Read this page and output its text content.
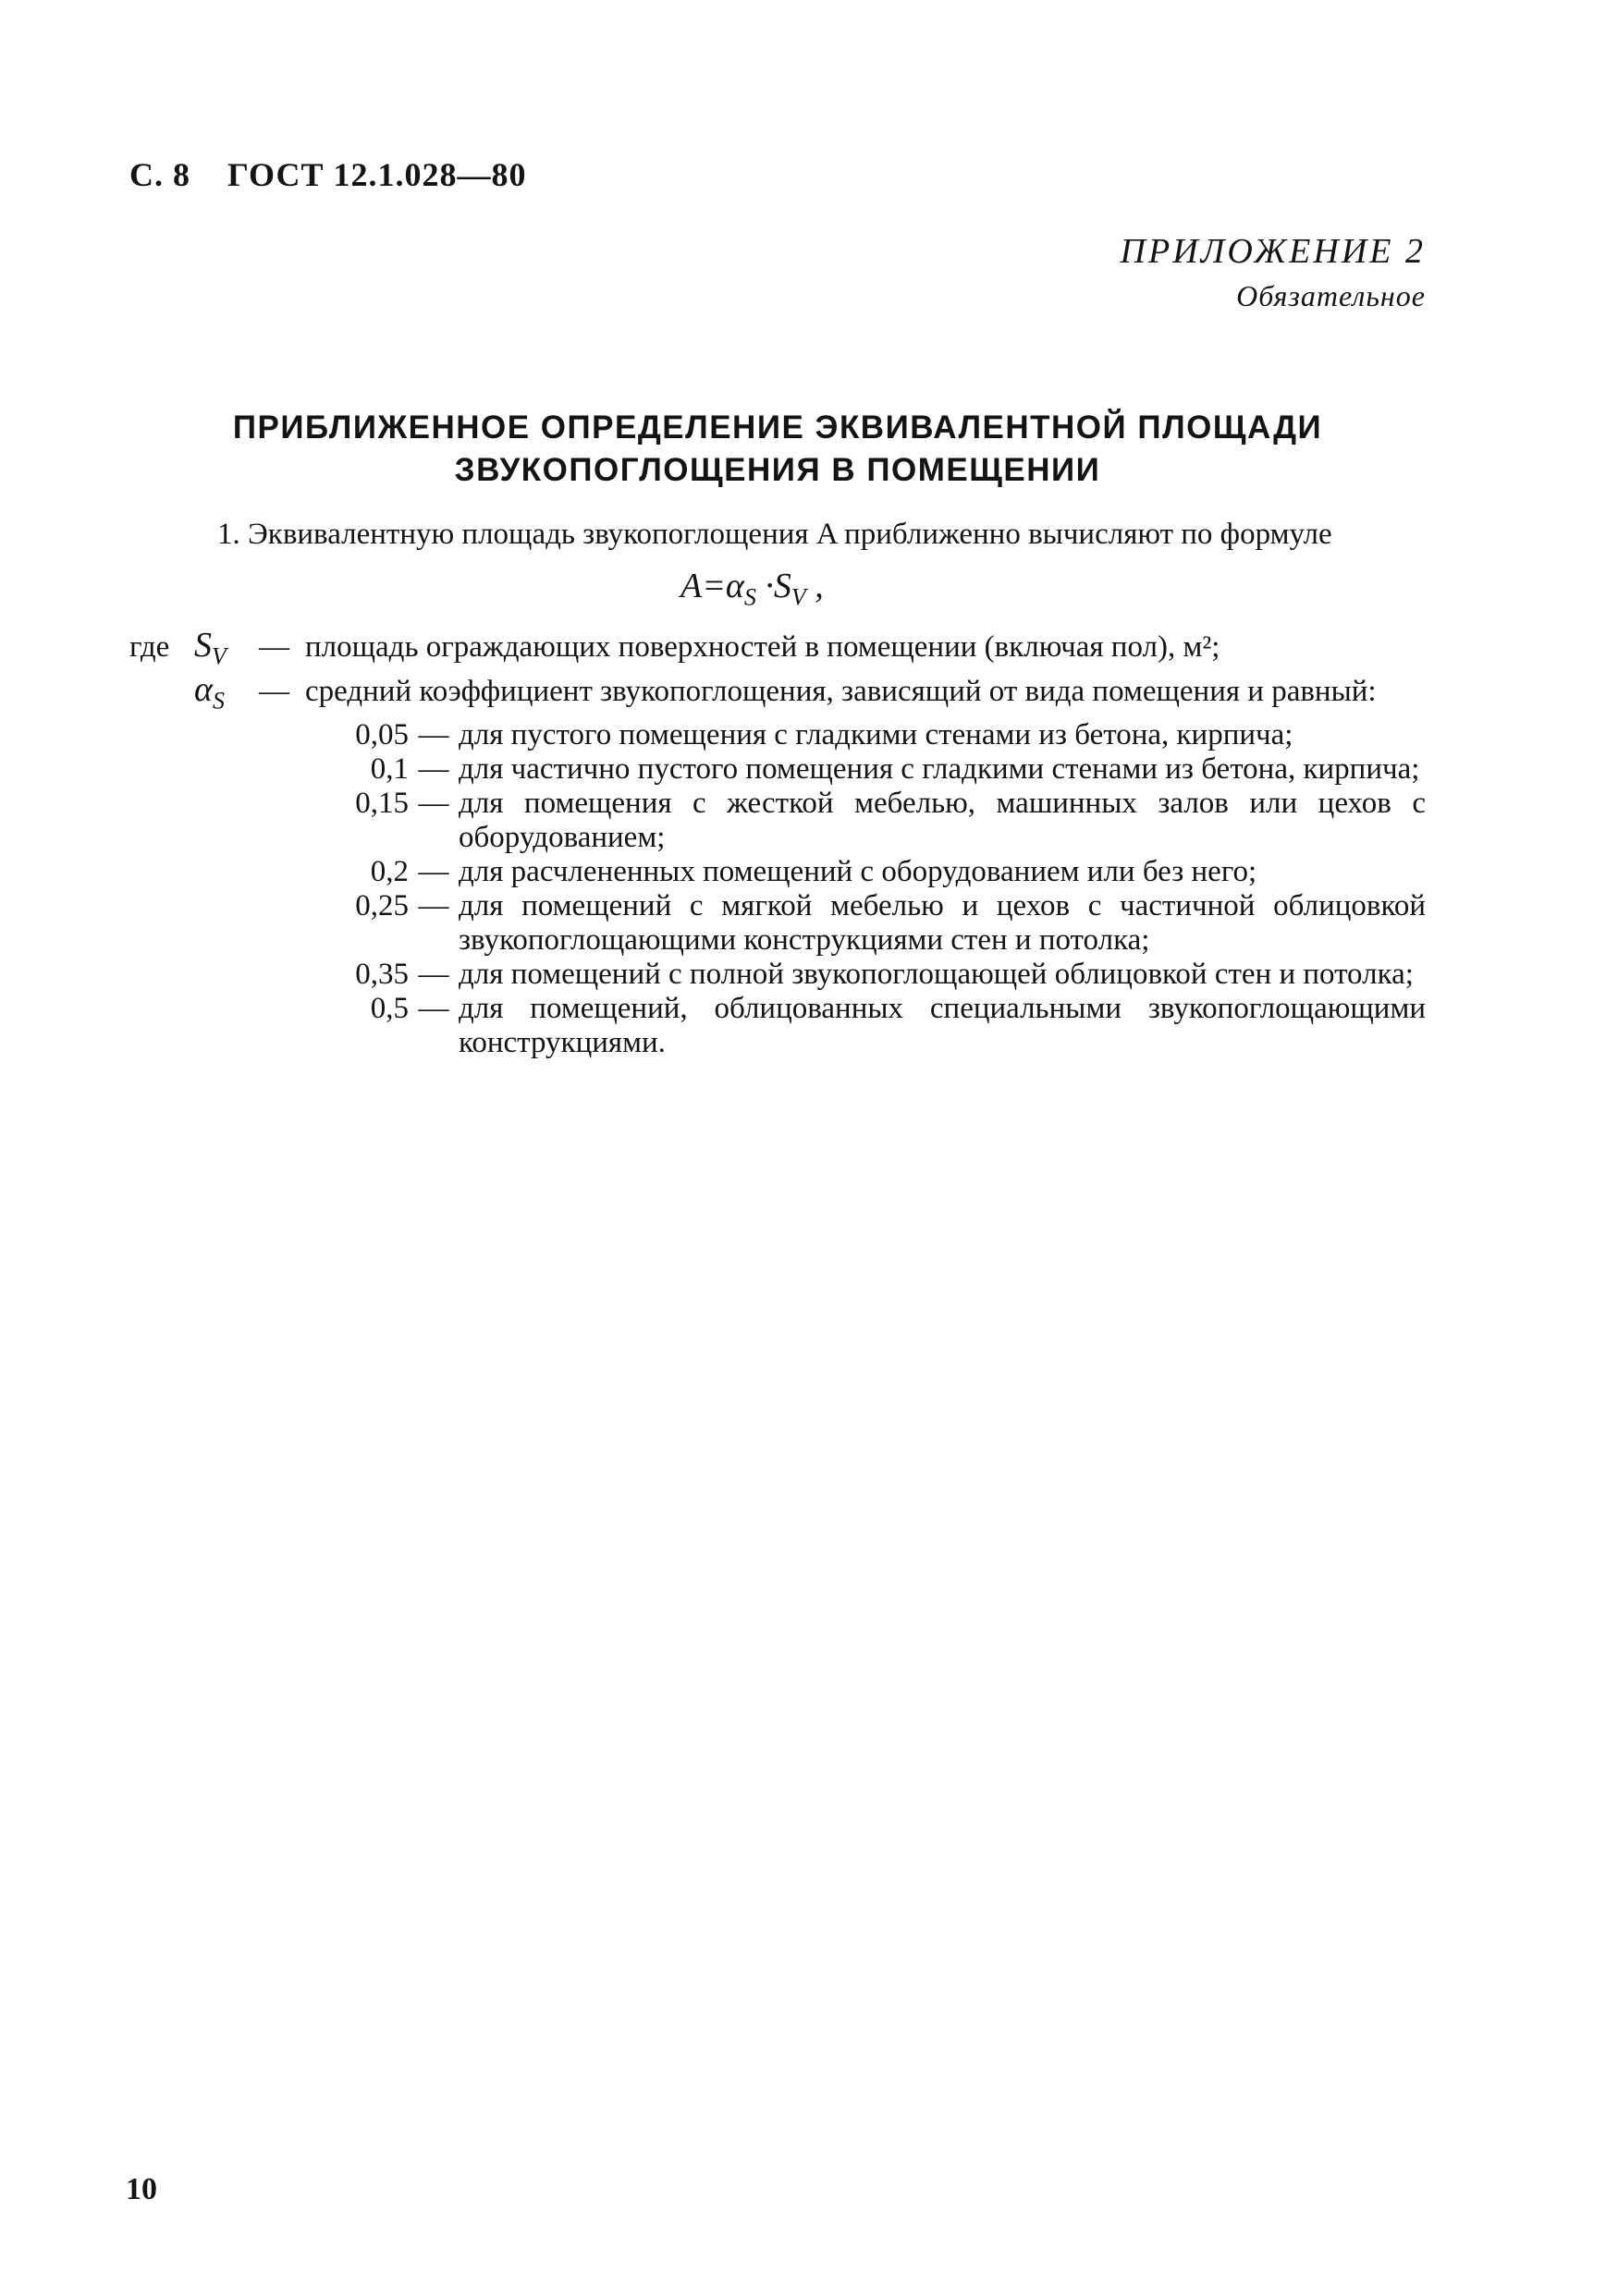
С. 8 ГОСТ 12.1.028—80
ПРИЛОЖЕНИЕ 2
Обязательное
ПРИБЛИЖЕННОЕ ОПРЕДЕЛЕНИЕ ЭКВИВАЛЕНТНОЙ ПЛОЩАДИ
ЗВУКОПОГЛОЩЕНИЯ В ПОМЕЩЕНИИ
1. Эквивалентную площадь звукопоглощения A приближенно вычисляют по формуле
$A=\alpha_S \cdot S_V$ ,
где $S_V$	— площадь ограждающих поверхностей в помещении (включая пол), м²;
$\alpha_S$	— средний коэффициент звукопоглощения, зависящий от вида помещения и равный:
0,05 — для пустого помещения с гладкими стенами из бетона, кирпича;
0,1 — для частично пустого помещения с гладкими стенами из бетона, кирпича;
0,15 — для помещения с жесткой мебелью, машинных залов или цехов с оборудованием;
0,2 — для расчлененных помещений с оборудованием или без него;
0,25 — для помещений с мягкой мебелью и цехов с частичной облицовкой звукопоглощающими конструкциями стен и потолка;
0,35 — для помещений с полной звукопоглощающей облицовкой стен и потолка;
0,5 — для помещений, облицованных специальными звукопоглощающими конструкциями.
10
